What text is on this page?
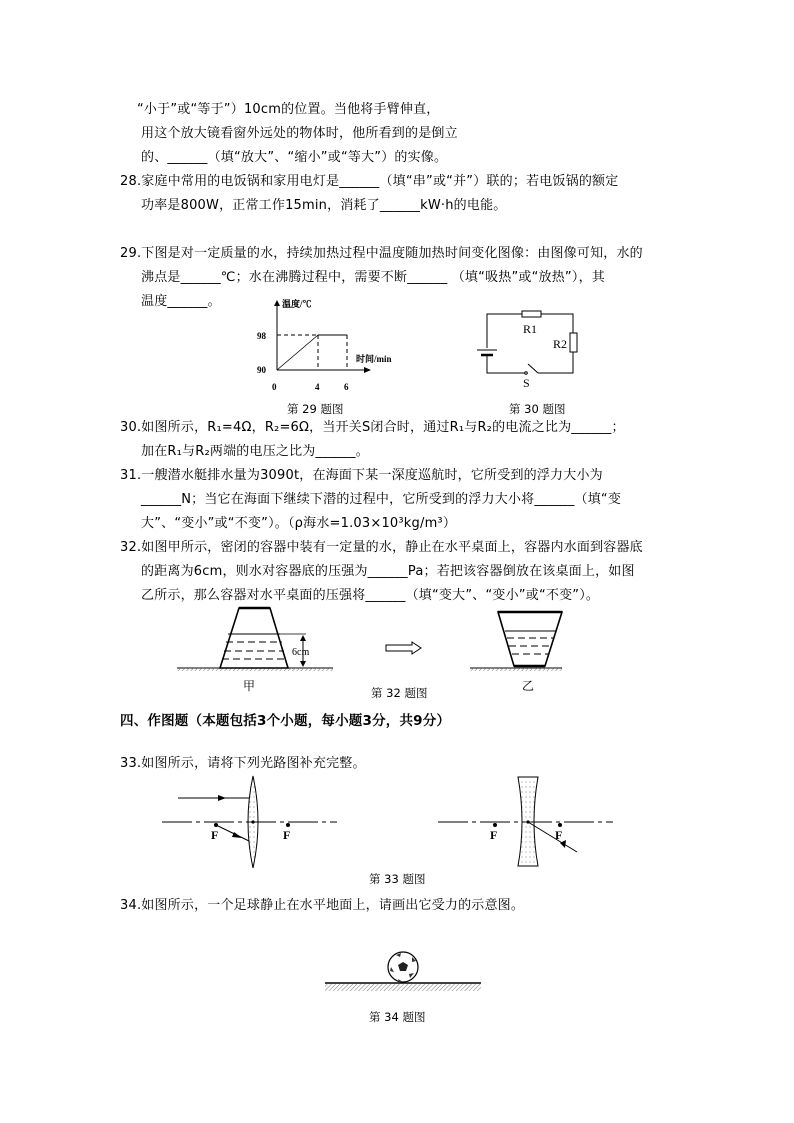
“小于”或“等于”）10cm的位置。当他将手臂伸直，
用这个放大镜看窗外远处的物体时，他所看到的是倒立
的、______（填“放大”、“缩小”或“等大”）的实像。
28.家庭中常用的电饭锅和家用电灯是______（填“串”或“并”）联的；若电饭锅的额定
功率是800W，正常工作15min，消耗了______kW·h的电能。
29.下图是对一定质量的水，持续加热过程中温度随加热时间变化图像：由图像可知，水的
沸点是______℃；水在沸腾过程中，需要不断______ （填“吸热”或“放热”），其
温度______。
30.如图所示，R₁=4Ω，R₂=6Ω，当开关S闭合时，通过R₁与R₂的电流之比为______；
加在R₁与R₂两端的电压之比为______。
31.一艘潜水艇排水量为3090t，在海面下某一深度巡航时，它所受到的浮力大小为
______N；当它在海面下继续下潜的过程中，它所受到的浮力大小将______（填“变
大”、“变小”或“不变”）。（ρ海水=1.03×10³kg/m³）
32.如图甲所示，密闭的容器中装有一定量的水，静止在水平桌面上，容器内水面到容器底
的距离为6cm，则水对容器底的压强为______Pa；若把该容器倒放在该桌面上，如图
乙所示，那么容器对水平桌面的压强将______（填“变大”、“变小”或“不变”）。
四、作图题（本题包括3个小题，每小题3分，共9分）
33.如图所示，请将下列光路图补充完整。
34.如图所示，一个足球静止在水平地面上，请画出它受力的示意图。
第 29 题图	第 30 题图
第 32 题图
第 33 题图
第 34 题图
温度/℃
时间/min
98
90
0	4	6
R1
R2
S
6cm
甲	乙
F	F	F	F
